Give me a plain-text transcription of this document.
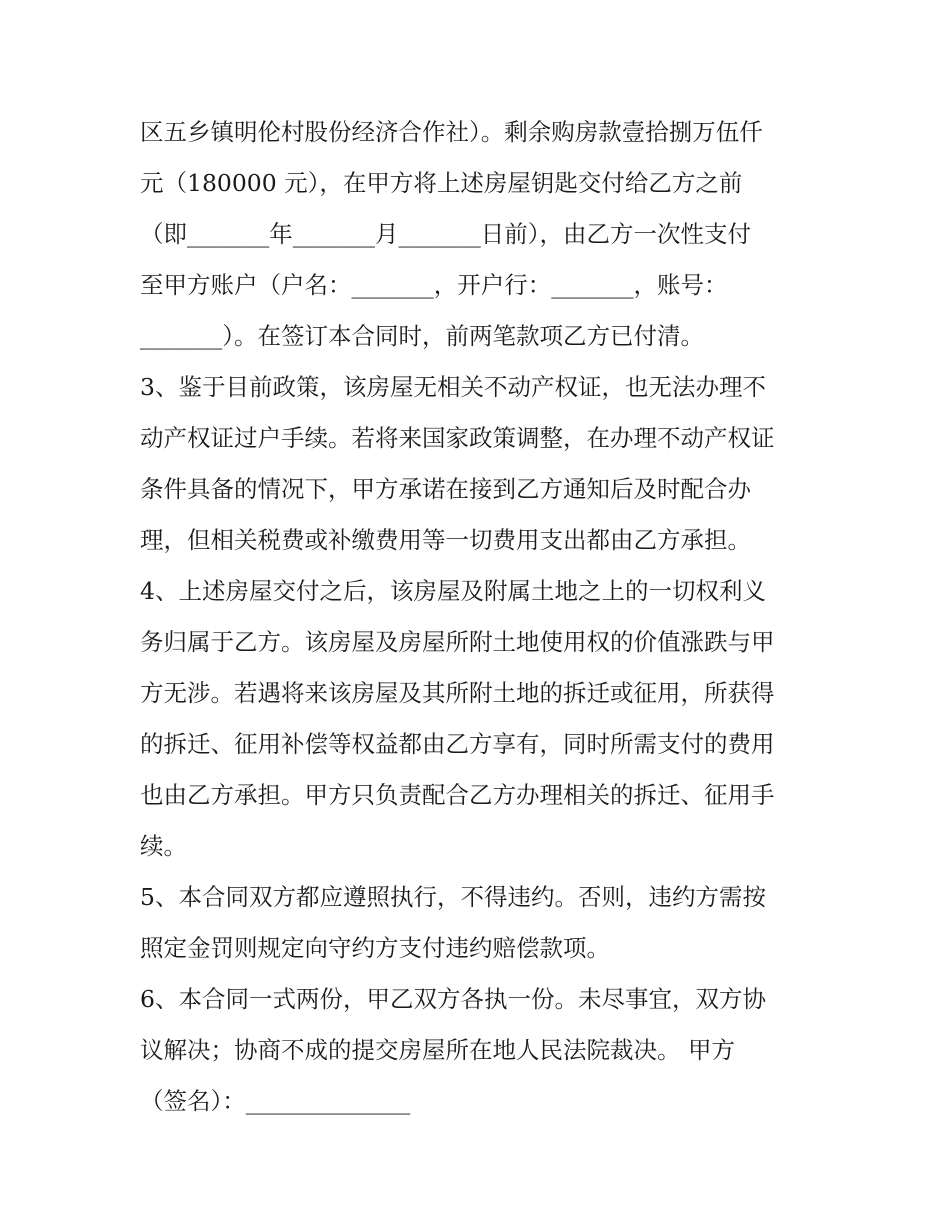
区五乡镇明伦村股份经济合作社）。剩余购房款壹拾捌万伍仟
元（180000 元），在甲方将上述房屋钥匙交付给乙方之前
（即_______年_______月_______日前），由乙方一次性支付
至甲方账户（户名：_______，开户行：_______，账号：
_______）。在签订本合同时，前两笔款项乙方已付清。
3、鉴于目前政策，该房屋无相关不动产权证，也无法办理不
动产权证过户手续。若将来国家政策调整，在办理不动产权证
条件具备的情况下，甲方承诺在接到乙方通知后及时配合办
理，但相关税费或补缴费用等一切费用支出都由乙方承担。
4、上述房屋交付之后，该房屋及附属土地之上的一切权利义
务归属于乙方。该房屋及房屋所附土地使用权的价值涨跌与甲
方无涉。若遇将来该房屋及其所附土地的拆迁或征用，所获得
的拆迁、征用补偿等权益都由乙方享有，同时所需支付的费用
也由乙方承担。甲方只负责配合乙方办理相关的拆迁、征用手
续。
5、本合同双方都应遵照执行，不得违约。否则，违约方需按
照定金罚则规定向守约方支付违约赔偿款项。
6、本合同一式两份，甲乙双方各执一份。未尽事宜，双方协
议解决；协商不成的提交房屋所在地人民法院裁决。 甲方
（签名）：______________
